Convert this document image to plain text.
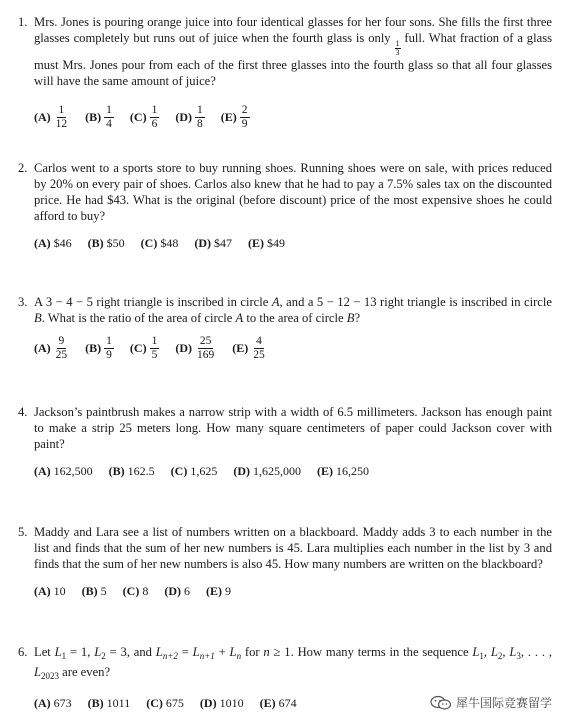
1. Mrs. Jones is pouring orange juice into four identical glasses for her four sons. She fills the first three glasses completely but runs out of juice when the fourth glass is only
$\frac{1}{3}$
full. What fraction of a glass must Mrs. Jones pour from each of the first three glasses into the fourth glass so that all four glasses will have the same amount of juice?
$(A) \frac{1}{12} (B) \frac{1}{4} (C) \frac{1}{6} (D) \frac{1}{8} (E) \frac{2}{9}$
2. Carlos went to a sports store to buy running shoes. Running shoes were on sale, with prices reduced by 20% on every pair of shoes. Carlos also knew that he had to pay a 7.5% sales tax on the discounted price. He had $43. What is the original (before discount) price of the most expensive shoes he could afford to buy?
(A) $46 (B) $50 (C) $48 (D) $47 (E) $49
3. A 3 − 4 − 5 right triangle is inscribed in circle A, and a 5 − 12 − 13 right triangle is inscribed in circle B. What is the ratio of the area of circle A to the area of circle B?
$(A) \frac{9}{25} (B) \frac{1}{9} (C) \frac{1}{5} (D) \frac{25}{169} (E) \frac{4}{25}$
4. Jackson’s paintbrush makes a narrow strip with a width of 6.5 millimeters. Jackson has enough paint to make a strip 25 meters long. How many square centimeters of paper could Jackson cover with paint?
(A) 162,500 (B) 162.5 (C) 1,625 (D) 1,625,000 (E) 16,250
5. Maddy and Lara see a list of numbers written on a blackboard. Maddy adds 3 to each number in the list and finds that the sum of her new numbers is 45. Lara multiplies each number in the list by 3 and finds that the sum of her new numbers is also 45. How many numbers are written on the blackboard?
(A) 10 (B) 5 (C) 8 (D) 6 (E) 9
6. Let $L_1 = 1$, $L_2 = 3$, and $L_{n+2} = L_{n+1} + L_n$ for n ≥ 1. How many terms in the sequence $L_1$, $L_2$, $L_3$, . . . , $L_{2023}$ are even?
(A) 673 (B) 1011 (C) 675 (D) 1010 (E) 674	犀牛国际竞赛留学
